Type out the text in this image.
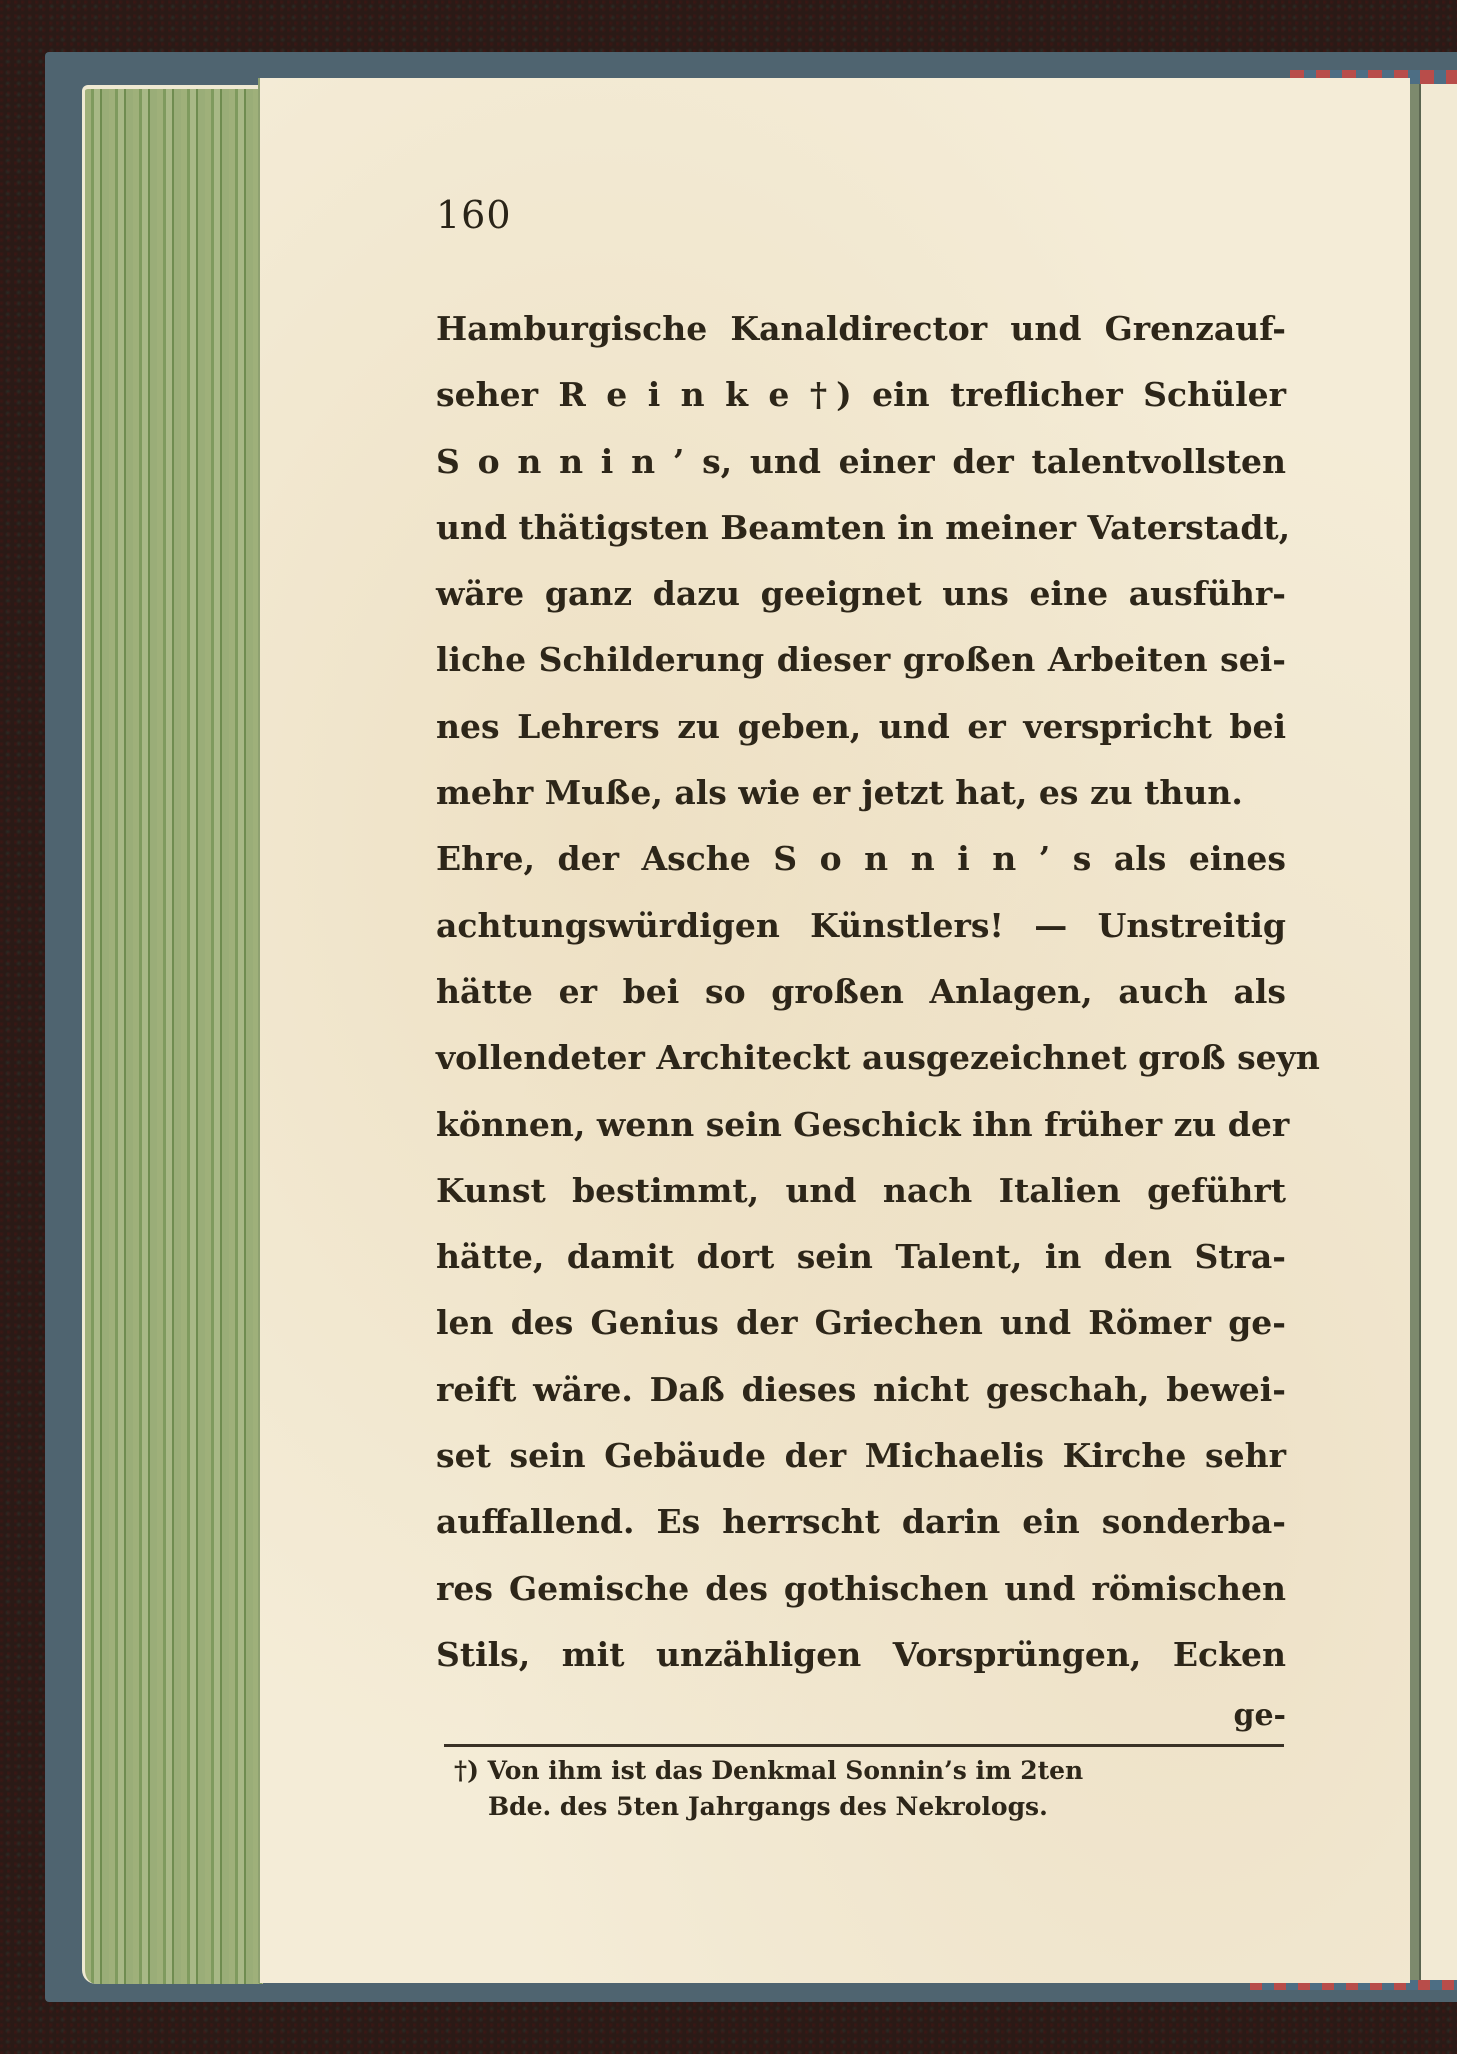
160
Hamburgische Kanaldirector und Grenzauf-
seher R e i n k e †) ein treflicher Schüler
S o n n i n ’ s, und einer der talentvollsten
und thätigsten Beamten in meiner Vaterstadt,
wäre ganz dazu geeignet uns eine ausführ-
liche Schilderung dieser großen Arbeiten sei-
nes Lehrers zu geben, und er verspricht bei
mehr Muße, als wie er jetzt hat, es zu thun.
Ehre, der Asche S o n n i n ’ s als eines
achtungswürdigen Künstlers! — Unstreitig
hätte er bei so großen Anlagen, auch als
vollendeter Architeckt ausgezeichnet groß seyn
können, wenn sein Geschick ihn früher zu der
Kunst bestimmt, und nach Italien geführt
hätte, damit dort sein Talent, in den Stra-
len des Genius der Griechen und Römer ge-
reift wäre. Daß dieses nicht geschah, bewei-
set sein Gebäude der Michaelis Kirche sehr
auffallend. Es herrscht darin ein sonderba-
res Gemische des gothischen und römischen
Stils, mit unzähligen Vorsprüngen, Ecken
ge-
†) Von ihm ist das Denkmal Sonnin’s im 2ten
Bde. des 5ten Jahrgangs des Nekrologs.
